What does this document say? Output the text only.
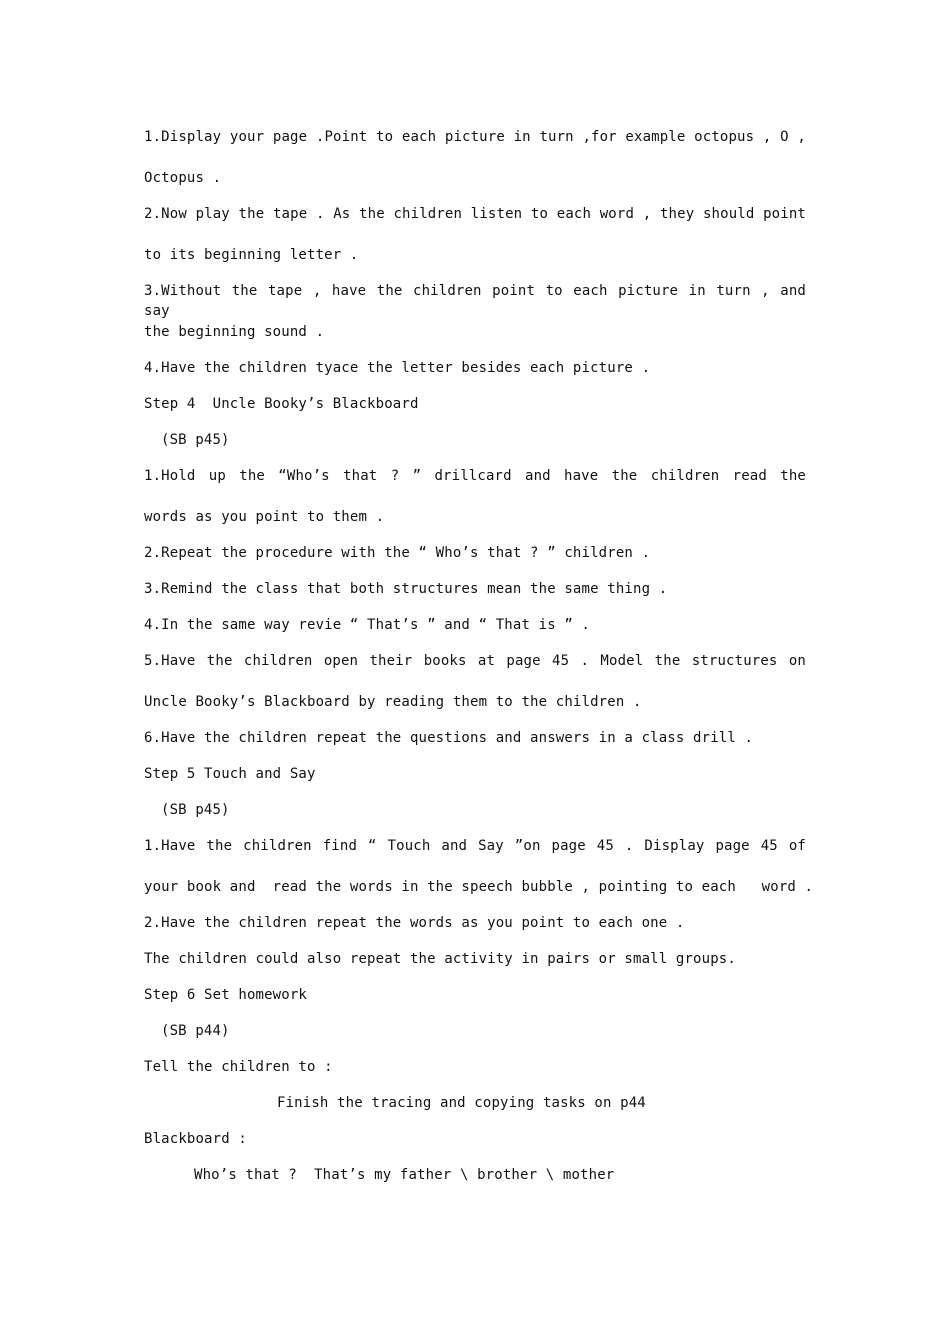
1.Display your page .Point to each picture in turn ,for example octopus , O ,
Octopus .
2.Now play the tape . As the children listen to each word , they should point
to its beginning letter .
3.Without the tape , have the children point to each picture in turn , and say
the beginning sound .
4.Have the children tyace the letter besides each picture .
Step 4  Uncle Booky’s Blackboard
(SB p45)
1.Hold up the “Who’s that ? ” drillcard and have the children read the
words as you point to them .
2.Repeat the procedure with the “ Who’s that ? ” children .
3.Remind the class that both structures mean the same thing .
4.In the same way revie “ That’s ” and “ That is ” .
5.Have the children open their books at page 45 . Model the structures on
Uncle Booky’s Blackboard by reading them to the children .
6.Have the children repeat the questions and answers in a class drill .
Step 5 Touch and Say
(SB p45)
1.Have the children find “ Touch and Say ”on page 45 . Display page 45 of
your book and  read the words in the speech bubble , pointing to each   word .
2.Have the children repeat the words as you point to each one .
The children could also repeat the activity in pairs or small groups.
Step 6 Set homework
(SB p44)
Tell the children to :
Finish the tracing and copying tasks on p44
Blackboard :
Who’s that ?  That’s my father \ brother \ mother
